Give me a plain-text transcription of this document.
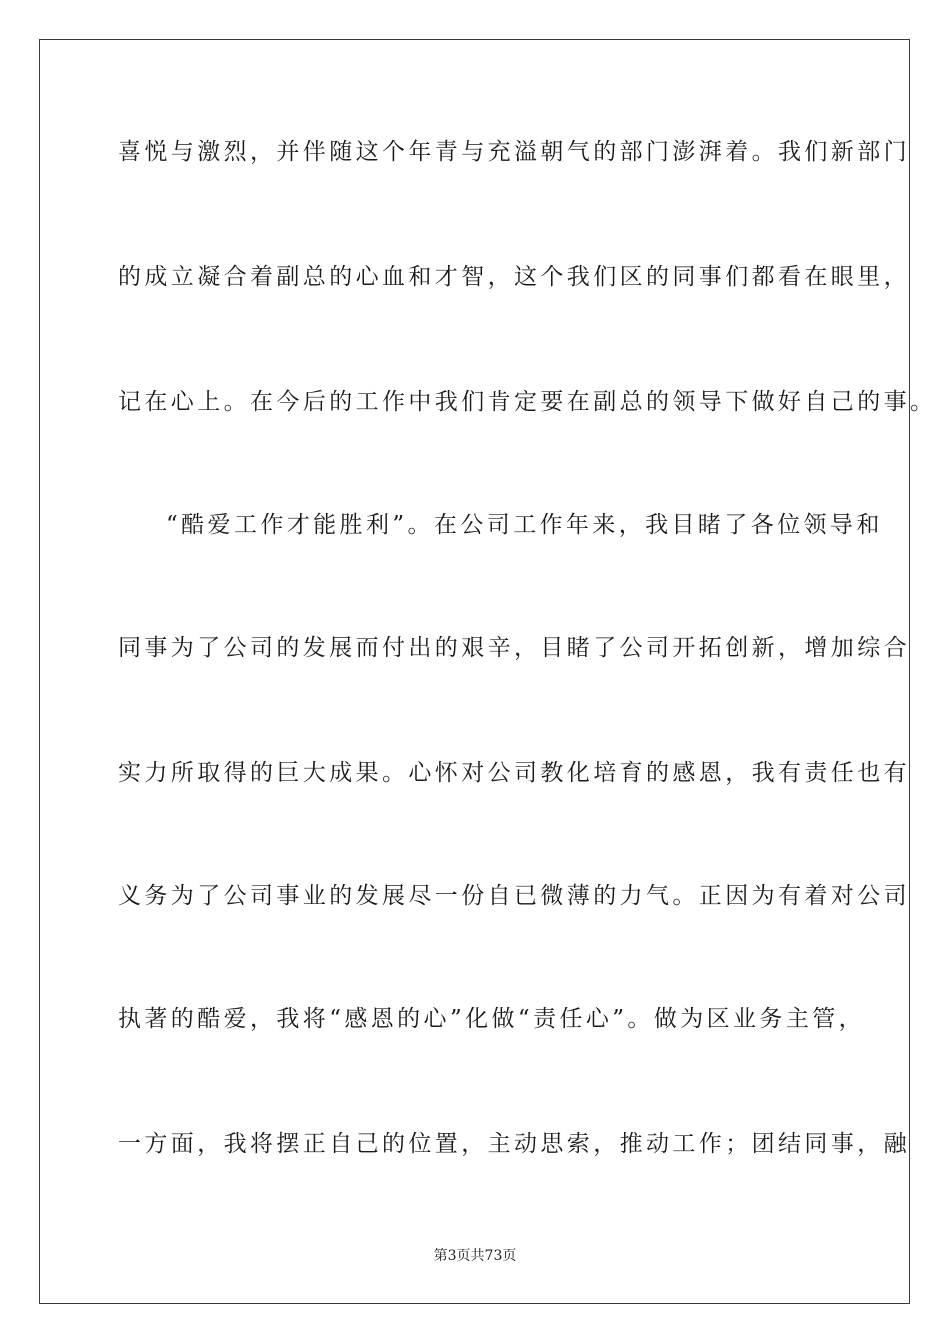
喜悦与激烈，并伴随这个年青与充溢朝气的部门澎湃着。我们新部门
的成立凝合着副总的心血和才智，这个我们区的同事们都看在眼里，
记在心上。在今后的工作中我们肯定要在副总的领导下做好自己的事。
“酷爱工作才能胜利”。在公司工作年来，我目睹了各位领导和
同事为了公司的发展而付出的艰辛，目睹了公司开拓创新，增加综合
实力所取得的巨大成果。心怀对公司教化培育的感恩，我有责任也有
义务为了公司事业的发展尽一份自已微薄的力气。正因为有着对公司
执著的酷爱，我将“感恩的心”化做“责任心”。做为区业务主管，
一方面，我将摆正自己的位置，主动思索，推动工作；团结同事，融
第3页共73页
